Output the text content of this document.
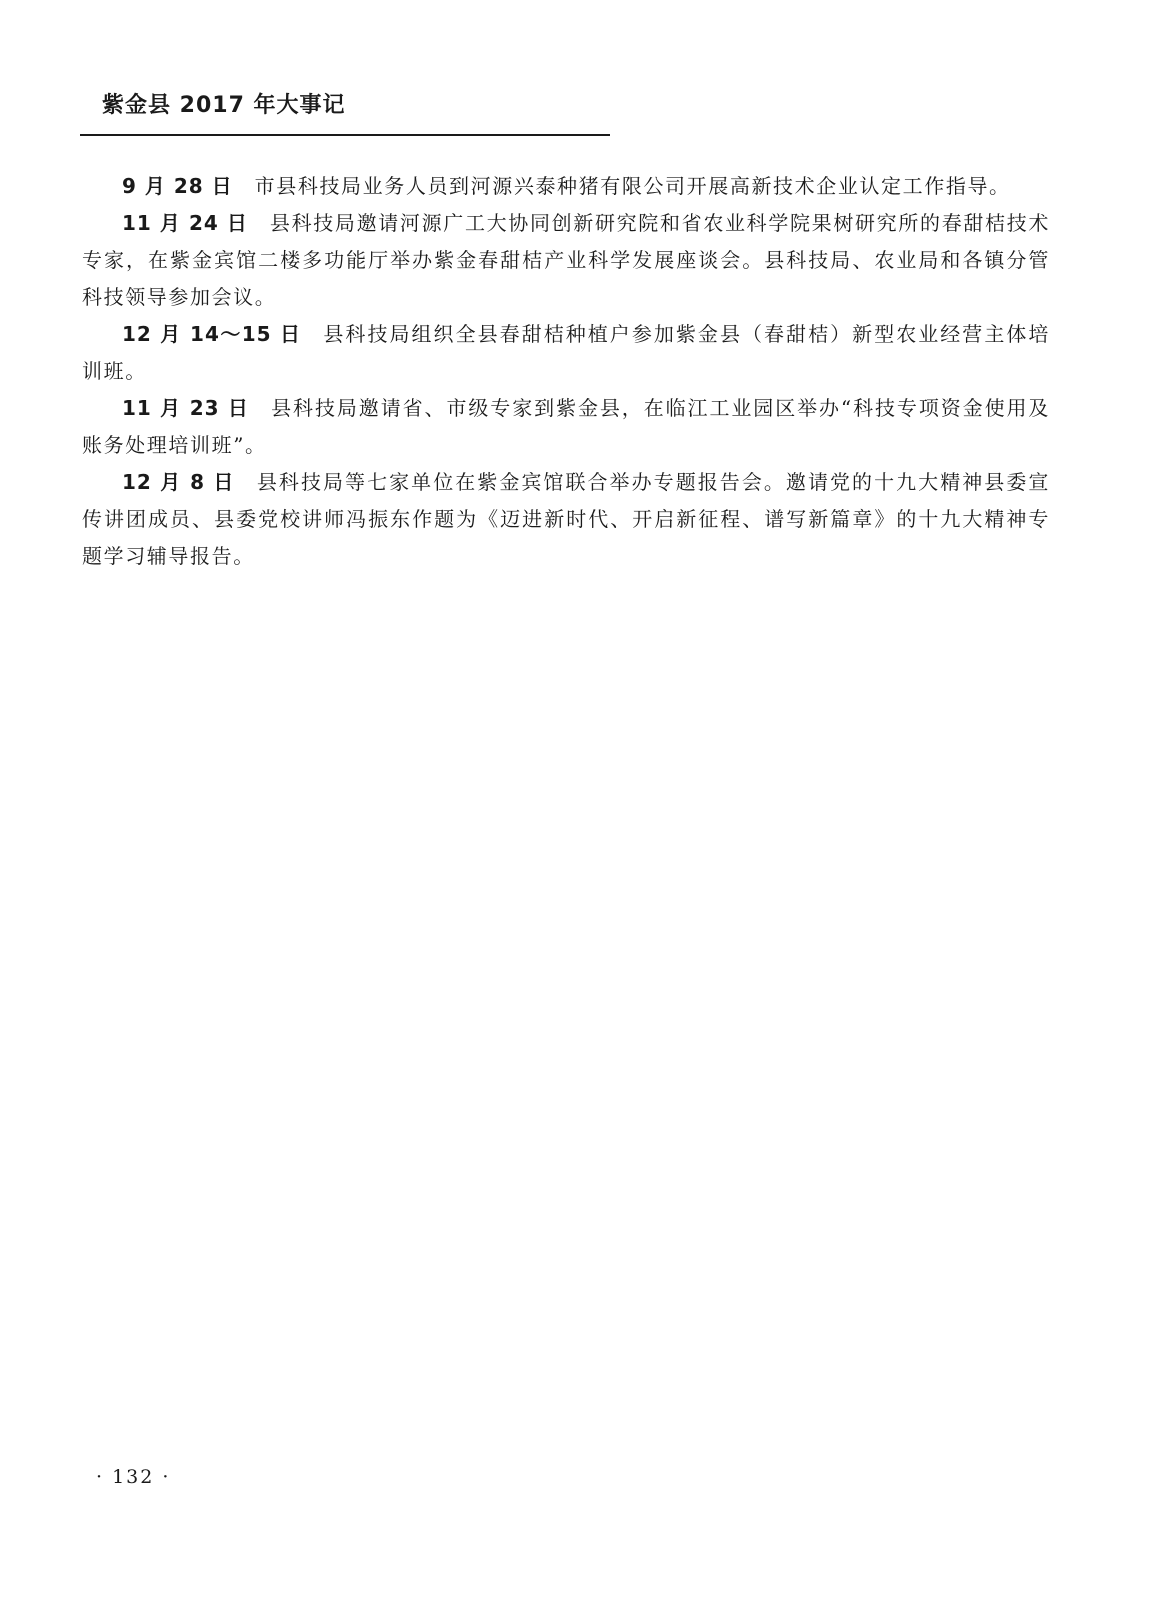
紫金县 2017 年大事记

9 月 28 日 市县科技局业务人员到河源兴泰种猪有限公司开展高新技术企业认定工作指导。

11 月 24 日 县科技局邀请河源广工大协同创新研究院和省农业科学院果树研究所的春甜桔技术专家，在紫金宾馆二楼多功能厅举办紫金春甜桔产业科学发展座谈会。县科技局、农业局和各镇分管科技领导参加会议。

12 月 14～15 日 县科技局组织全县春甜桔种植户参加紫金县（春甜桔）新型农业经营主体培训班。

11 月 23 日 县科技局邀请省、市级专家到紫金县，在临江工业园区举办“科技专项资金使用及账务处理培训班”。

12 月 8 日 县科技局等七家单位在紫金宾馆联合举办专题报告会。邀请党的十九大精神县委宣传讲团成员、县委党校讲师冯振东作题为《迈进新时代、开启新征程、谱写新篇章》的十九大精神专题学习辅导报告。

· 132 ·
